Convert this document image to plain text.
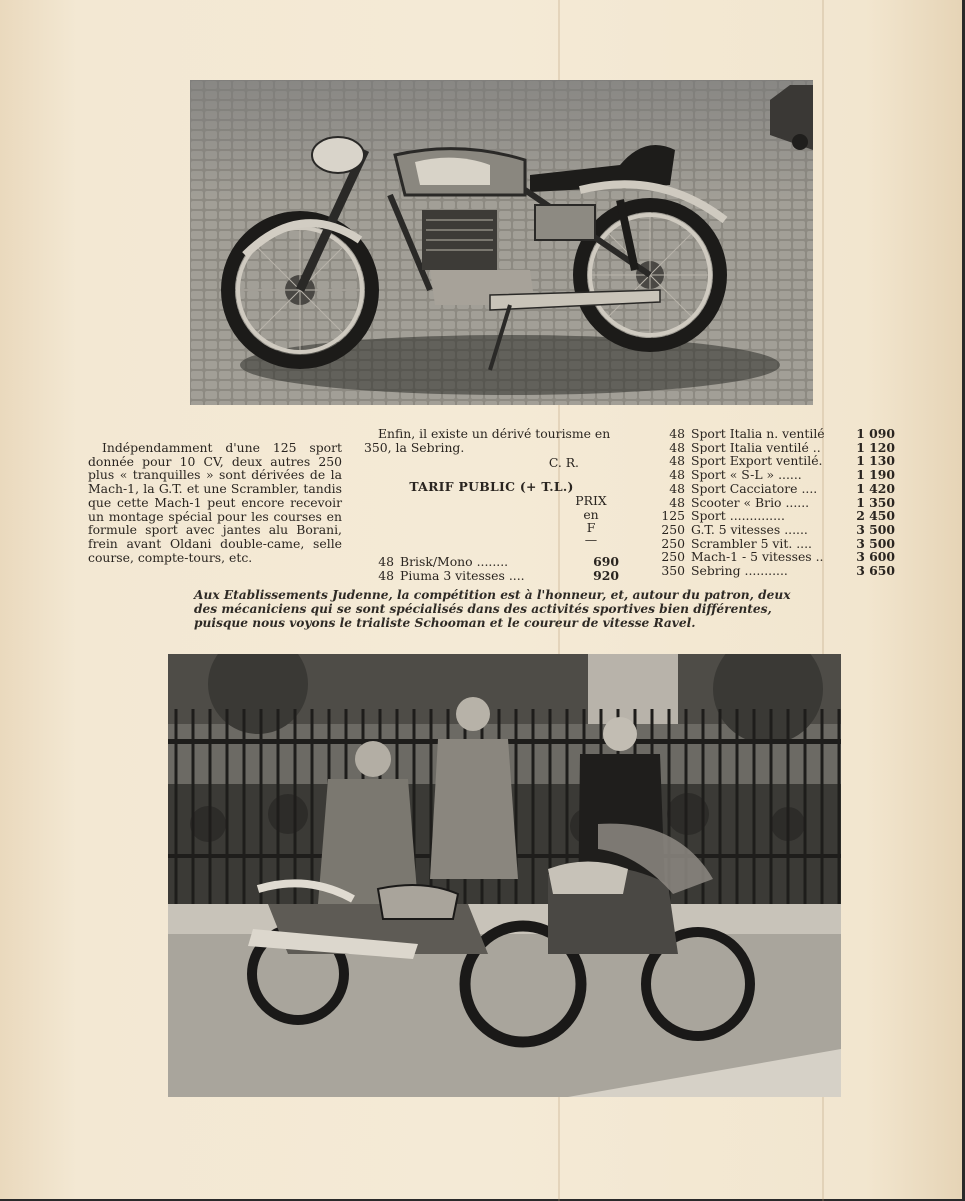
Indépendamment d'une 125 sport donnée pour 10 CV, deux autres 250 plus « tranquilles » sont dérivées de la Mach-1, la G.T. et une Scrambler, tandis que cette Mach-1 peut encore recevoir un montage spécial pour les courses en formule sport avec jantes alu Borani, frein avant Oldani double-came, selle course, compte-tours, etc.

Enfin, il existe un dérivé tourisme en 350, la Sebring.

C. R.
TARIF PUBLIC (+ T.L.)
PRIX
en
F
—
48 Brisk/Mono ........	690
48 Piuma 3 vitesses ....	920
48 Sport Italia n. ventilé	1 090
48 Sport Italia ventilé ..	1 120
48 Sport Export ventilé.	1 130
48 Sport « S-L » ......	1 190
48 Sport Cacciatore ....	1 420
48 Scooter « Brio ......	1 350
125 Sport ..............	2 450
250 G.T. 5 vitesses ......	3 500
250 Scrambler 5 vit. ....	3 500
250 Mach-1 - 5 vitesses ..	3 600
350 Sebring ...........	3 650
Aux Etablissements Judenne, la compétition est à l'honneur, et, autour du patron, deux des mécaniciens qui se sont spécialisés dans des activités sportives bien différentes, puisque nous voyons le trialiste Schooman et le coureur de vitesse Ravel.
